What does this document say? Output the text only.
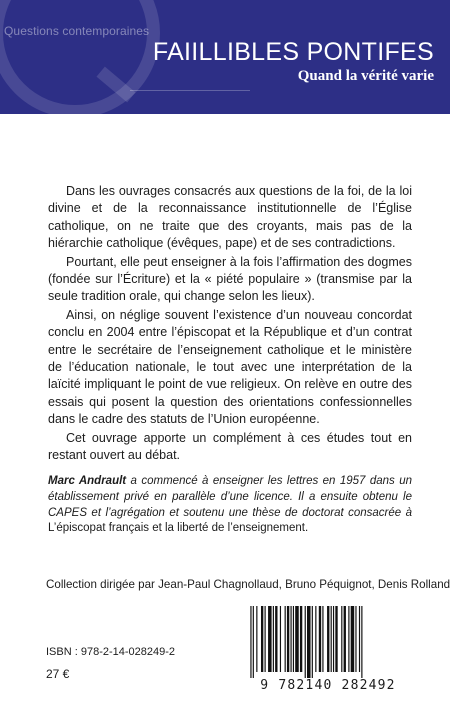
Questions contemporaines
FAIILLIBLES PONTIFES
Quand la vérité varie

Dans les ouvrages consacrés aux questions de la foi, de la loi divine et de la reconnaissance institutionnelle de l’Église catholique, on ne traite que des croyants, mais pas de la hiérarchie catholique (évêques, pape) et de ses contradictions.

Pourtant, elle peut enseigner à la fois l’affirmation des dogmes (fondée sur l’Écriture) et la « piété populaire » (transmise par la seule tradition orale, qui change selon les lieux).

Ainsi, on néglige souvent l’existence d’un nouveau concordat conclu en 2004 entre l’épiscopat et la République et d’un contrat entre le secrétaire de l’enseignement catholique et le ministère de l’éducation nationale, le tout avec une interprétation de la laïcité impliquant le point de vue religieux. On relève en outre des essais qui posent la question des orientations confessionnelles dans le cadre des statuts de l’Union européenne.

Cet ouvrage apporte un complément à ces études tout en restant ouvert au débat.

Marc Andrault a commencé à enseigner les lettres en 1957 dans un établissement privé en parallèle d’une licence. Il a ensuite obtenu le CAPES et l’agrégation et soutenu une thèse de doctorat consacrée à L’épiscopat français et la liberté de l’enseignement.
Collection dirigée par Jean-Paul Chagnollaud, Bruno Péquignot, Denis Rolland
ISBN : 978-2-14-028249-2
27 €
9 782140 282492
